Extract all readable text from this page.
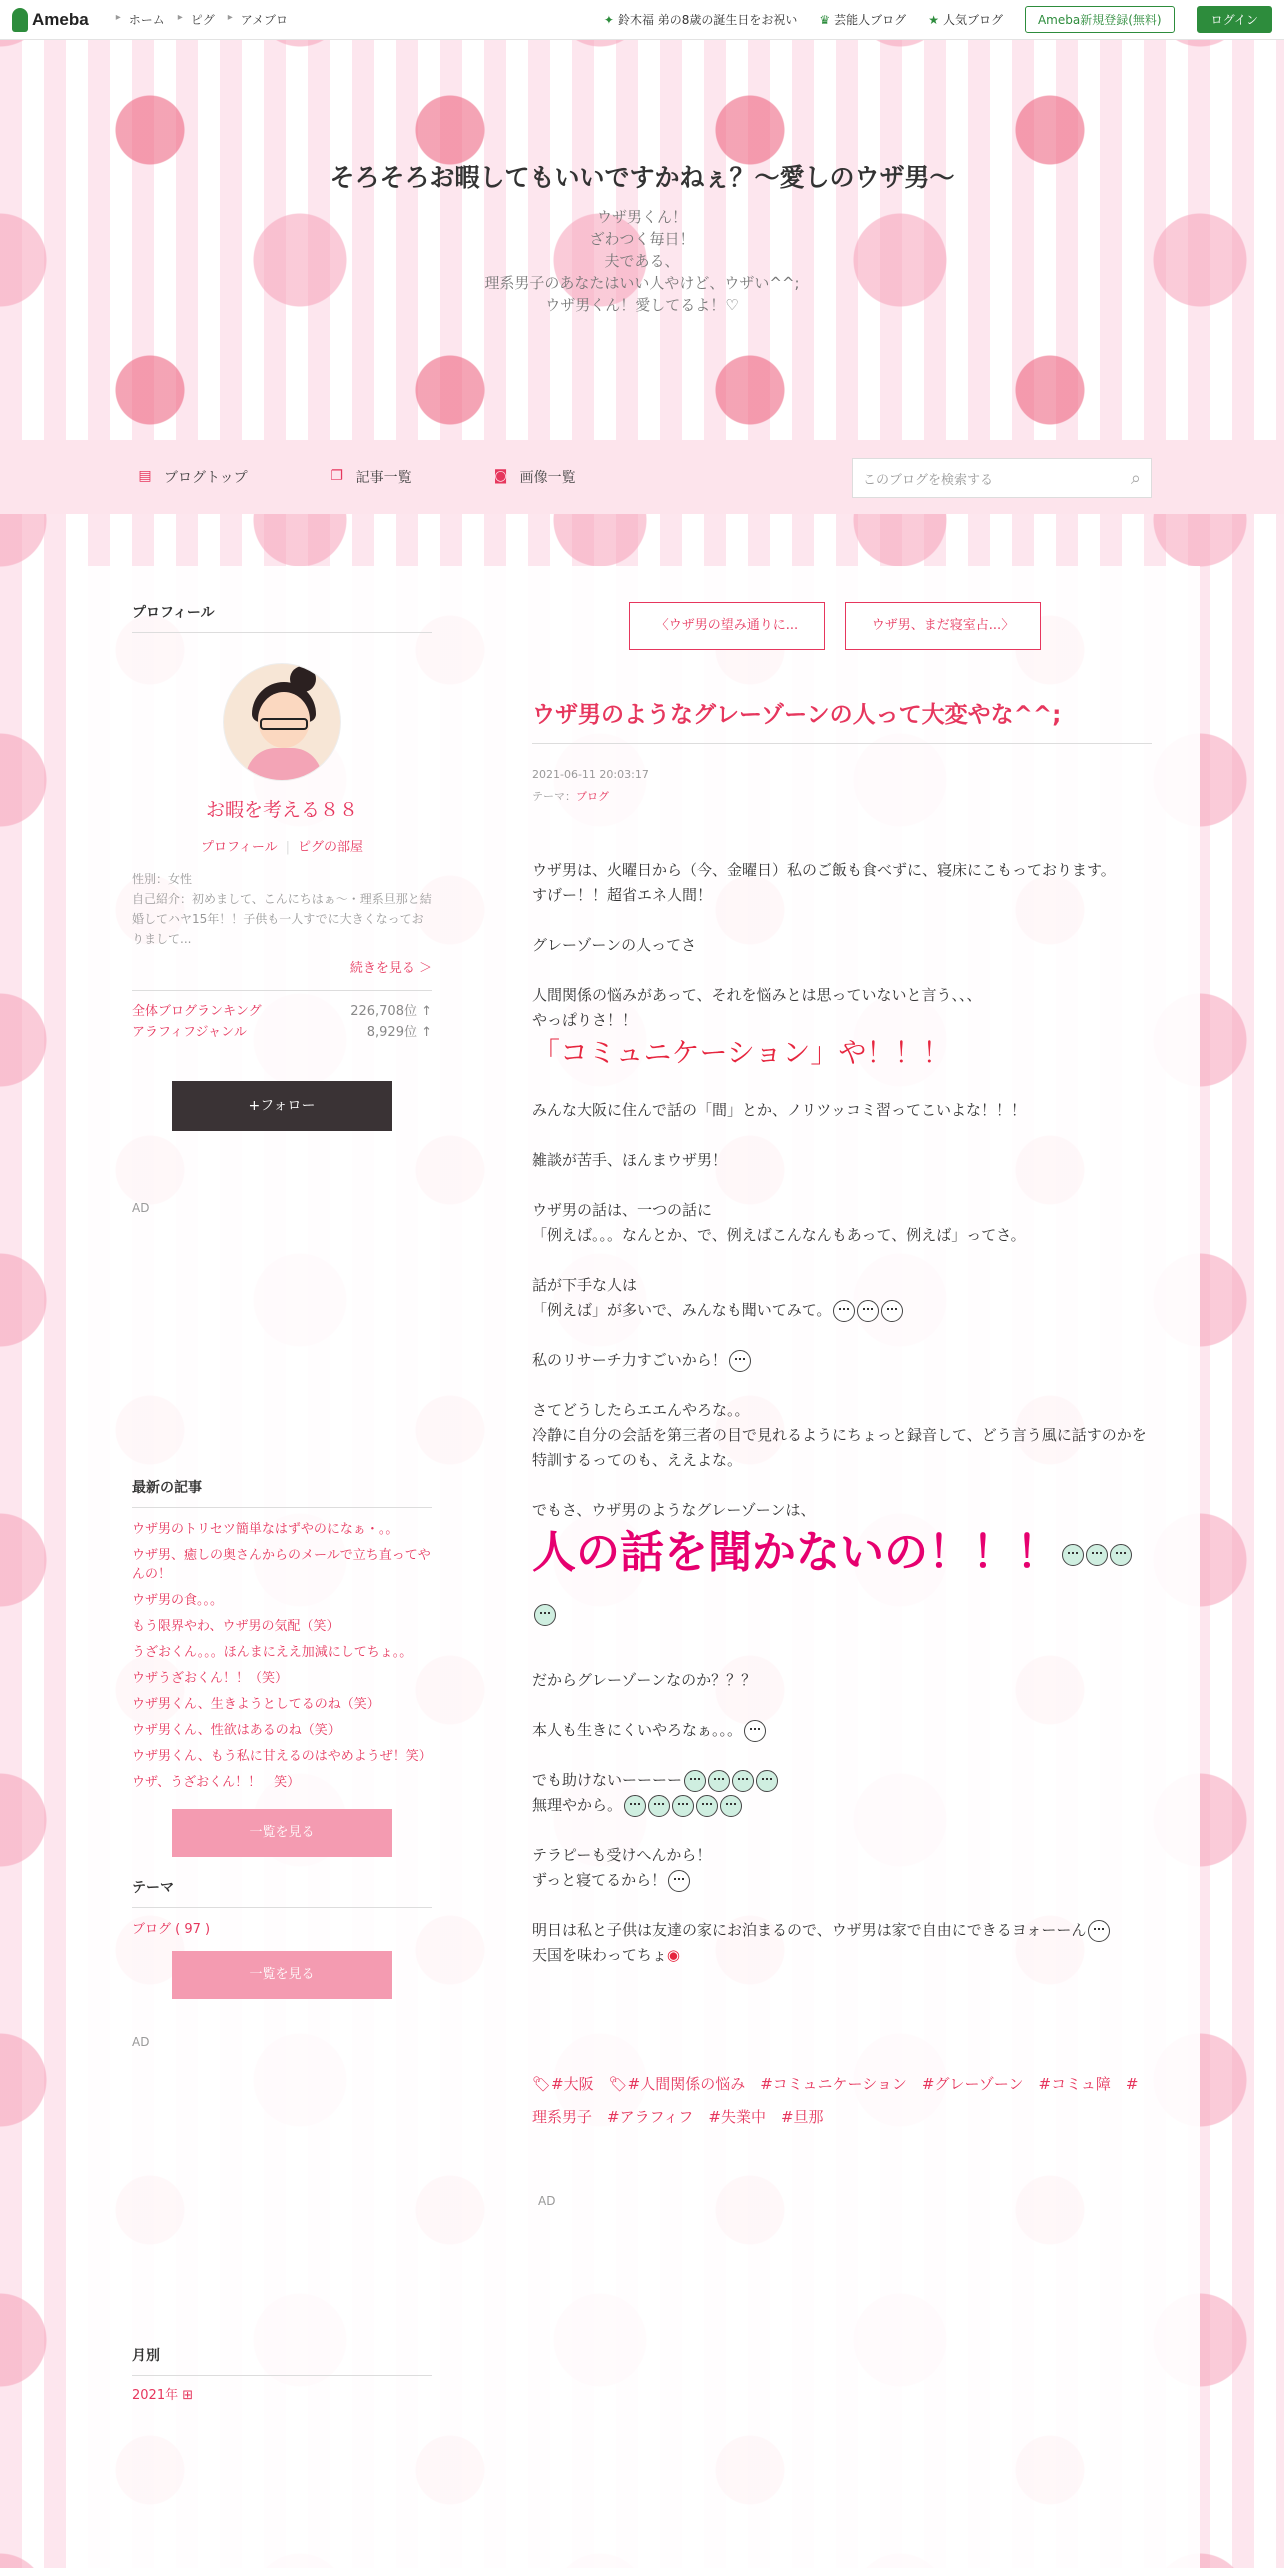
Ameba	▸ ホーム ▸ ピグ ▸ アメブロ	✦ 鈴木福 弟の8歳の誕生日をお祝い ♛ 芸能人ブログ ★ 人気ブログ	Ameba新規登録(無料)	ログイン
そろそろお暇してもいいですかねぇ？〜愛しのウザ男〜
ウザ男くん！
ざわつく毎日！
夫である、
理系男子のあなたはいい人やけど、ウザい^^;
ウザ男くん！愛してるよ！♡
▤ ブログトップ	❐ 記事一覧	◙ 画像一覧	このブログを検索する	⌕
プロフィール
お暇を考える８８
プロフィール | ピグの部屋
性別：女性
自己紹介：初めまして、こんにちはぁ〜・理系旦那と結婚してハヤ15年！！子供も一人すでに大きくなっておりまして...
続きを見る ＞
全体ブログランキング	226,708位 ↑
アラフィフジャンル	8,929位 ↑
+フォロー
AD
最新の記事
ウザ男のトリセツ簡単なはずやのになぁ・。。
ウザ男、癒しの奥さんからのメールで立ち直ってやんの！
ウザ男の食。。。
もう限界やわ、ウザ男の気配（笑）
うざおくん。。。ほんまにええ加減にしてちょ。。
ウザうざおくん！！（笑）
ウザ男くん、生きようとしてるのね（笑）
ウザ男くん、性欲はあるのね（笑）
ウザ男くん、もう私に甘えるのはやめようぜ！笑）
ウザ、うざおくん！！　笑）
一覧を見る
テーマ
ブログ ( 97 )
一覧を見る
AD
月別
2021年 ⊞
〈ウザ男の望み通りに...	ウザ男、まだ寝室占...〉
ウザ男のようなグレーゾーンの人って大変やな^^;
2021-06-11 20:03:17
テーマ：ブログ

ウザ男は、火曜日から（今、金曜日）私のご飯も食べずに、寝床にこもっております。

すげー！！超省エネ人間！

グレーゾーンの人ってさ

人間関係の悩みがあって、それを悩みとは思っていないと言う、、、

やっぱりさ！！

「コミュニケーション」や！！！

みんな大阪に住んで話の「間」とか、ノリツッコミ習ってこいよな！！！

雑談が苦手、ほんまウザ男！

ウザ男の話は、一つの話に

「例えば。。。なんとか、で、例えばこんなんもあって、例えば」ってさ。

話が下手な人は

「例えば」が多いで、みんなも聞いてみて。

私のリサーチ力すごいから！

さてどうしたらエエんやろな。。

冷静に自分の会話を第三者の目で見れるようにちょっと録音して、どう言う風に話すのかを特訓するってのも、ええよな。

でもさ、ウザ男のようなグレーゾーンは、

人の話を聞かないの！！！

だからグレーゾーンなのか？？？

本人も生きにくいやろなぁ。。。

でも助けないーーーー

無理やから。

テラピーも受けへんから！

ずっと寝てるから！

明日は私と子供は友達の家にお泊まるので、ウザ男は家で自由にできるヨォーーん

天国を味わってちょ◉

🏷#大阪　🏷#人間関係の悩み　#コミュニケーション　#グレーゾーン　#コミュ障　#理系男子　#アラフィフ　#失業中　#旦那
AD
